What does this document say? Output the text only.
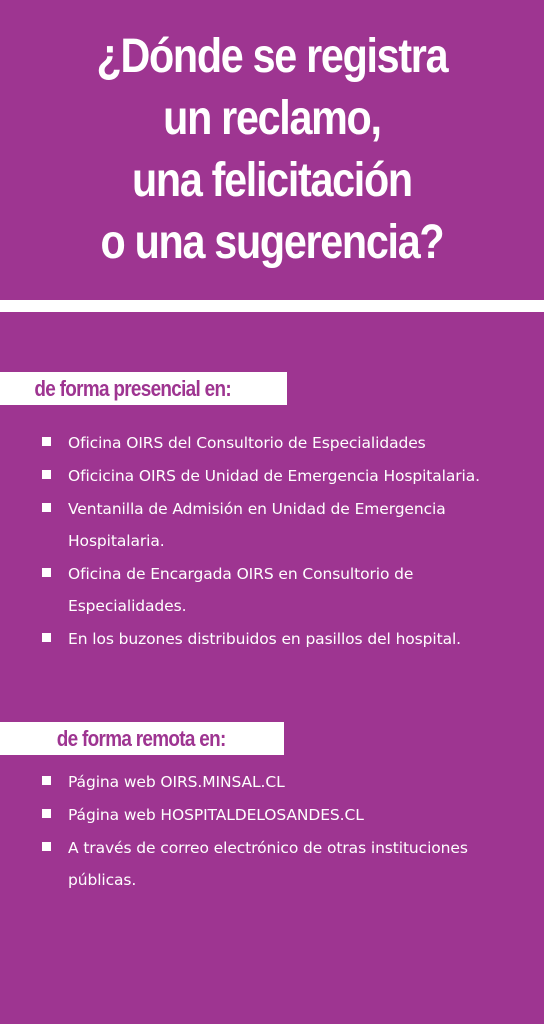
¿Dónde se registra
un reclamo,
una felicitación
o una sugerencia?
de forma presencial en:
Oficina OIRS del Consultorio de Especialidades
Oficicina OIRS de Unidad de Emergencia Hospitalaria.
Ventanilla de Admisión en Unidad de Emergencia Hospitalaria.
Oficina de Encargada OIRS en Consultorio de Especialidades.
En los buzones distribuidos en pasillos del hospital.
de forma remota en:
Página web OIRS.MINSAL.CL
Página web HOSPITALDELOSANDES.CL
A través de correo electrónico de otras instituciones públicas.
